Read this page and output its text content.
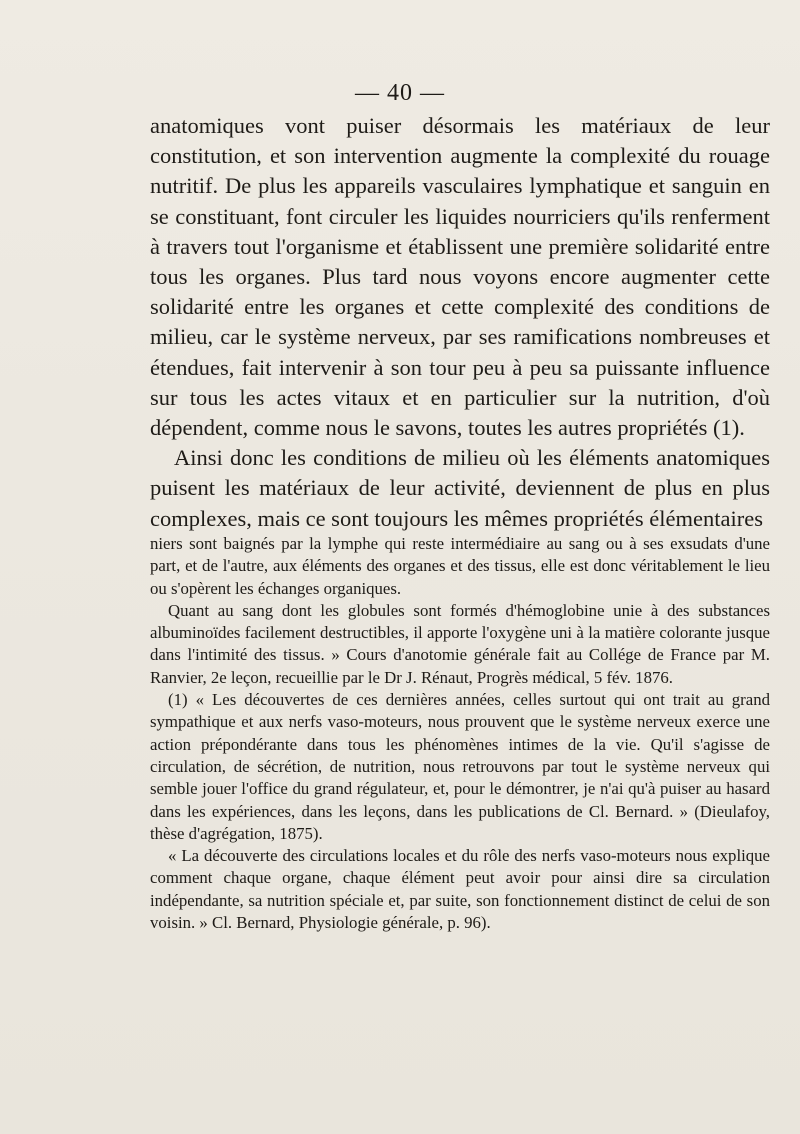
— 40 —

anatomiques vont puiser désormais les matériaux de leur constitution, et son intervention augmente la complexité du rouage nutritif. De plus les appareils vasculaires lymphatique et sanguin en se constituant, font circuler les liquides nourriciers qu'ils renferment à travers tout l'organisme et établissent une première solidarité entre tous les organes. Plus tard nous voyons encore augmenter cette solidarité entre les organes et cette complexité des conditions de milieu, car le système nerveux, par ses ramifications nombreuses et étendues, fait intervenir à son tour peu à peu sa puissante influence sur tous les actes vitaux et en particulier sur la nutrition, d'où dépendent, comme nous le savons, toutes les autres propriétés (1).

Ainsi donc les conditions de milieu où les éléments anatomiques puisent les matériaux de leur activité, deviennent de plus en plus complexes, mais ce sont toujours les mêmes propriétés élémentaires

niers sont baignés par la lymphe qui reste intermédiaire au sang ou à ses exsudats d'une part, et de l'autre, aux éléments des organes et des tissus, elle est donc véritablement le lieu ou s'opèrent les échanges organiques.

Quant au sang dont les globules sont formés d'hémoglobine unie à des substances albuminoïdes facilement destructibles, il apporte l'oxygène uni à la matière colorante jusque dans l'intimité des tissus. » Cours d'anotomie générale fait au Collége de France par M. Ranvier, 2e leçon, recueillie par le Dr J. Rénaut, Progrès médical, 5 fév. 1876.

(1) « Les découvertes de ces dernières années, celles surtout qui ont trait au grand sympathique et aux nerfs vaso-moteurs, nous prouvent que le système nerveux exerce une action prépondérante dans tous les phénomènes intimes de la vie. Qu'il s'agisse de circulation, de sécrétion, de nutrition, nous retrouvons par tout le système nerveux qui semble jouer l'office du grand régulateur, et, pour le démontrer, je n'ai qu'à puiser au hasard dans les expériences, dans les leçons, dans les publications de Cl. Bernard. » (Dieulafoy, thèse d'agrégation, 1875).

« La découverte des circulations locales et du rôle des nerfs vaso-moteurs nous explique comment chaque organe, chaque élément peut avoir pour ainsi dire sa circulation indépendante, sa nutrition spéciale et, par suite, son fonctionnement distinct de celui de son voisin. » Cl. Bernard, Physiologie générale, p. 96).
